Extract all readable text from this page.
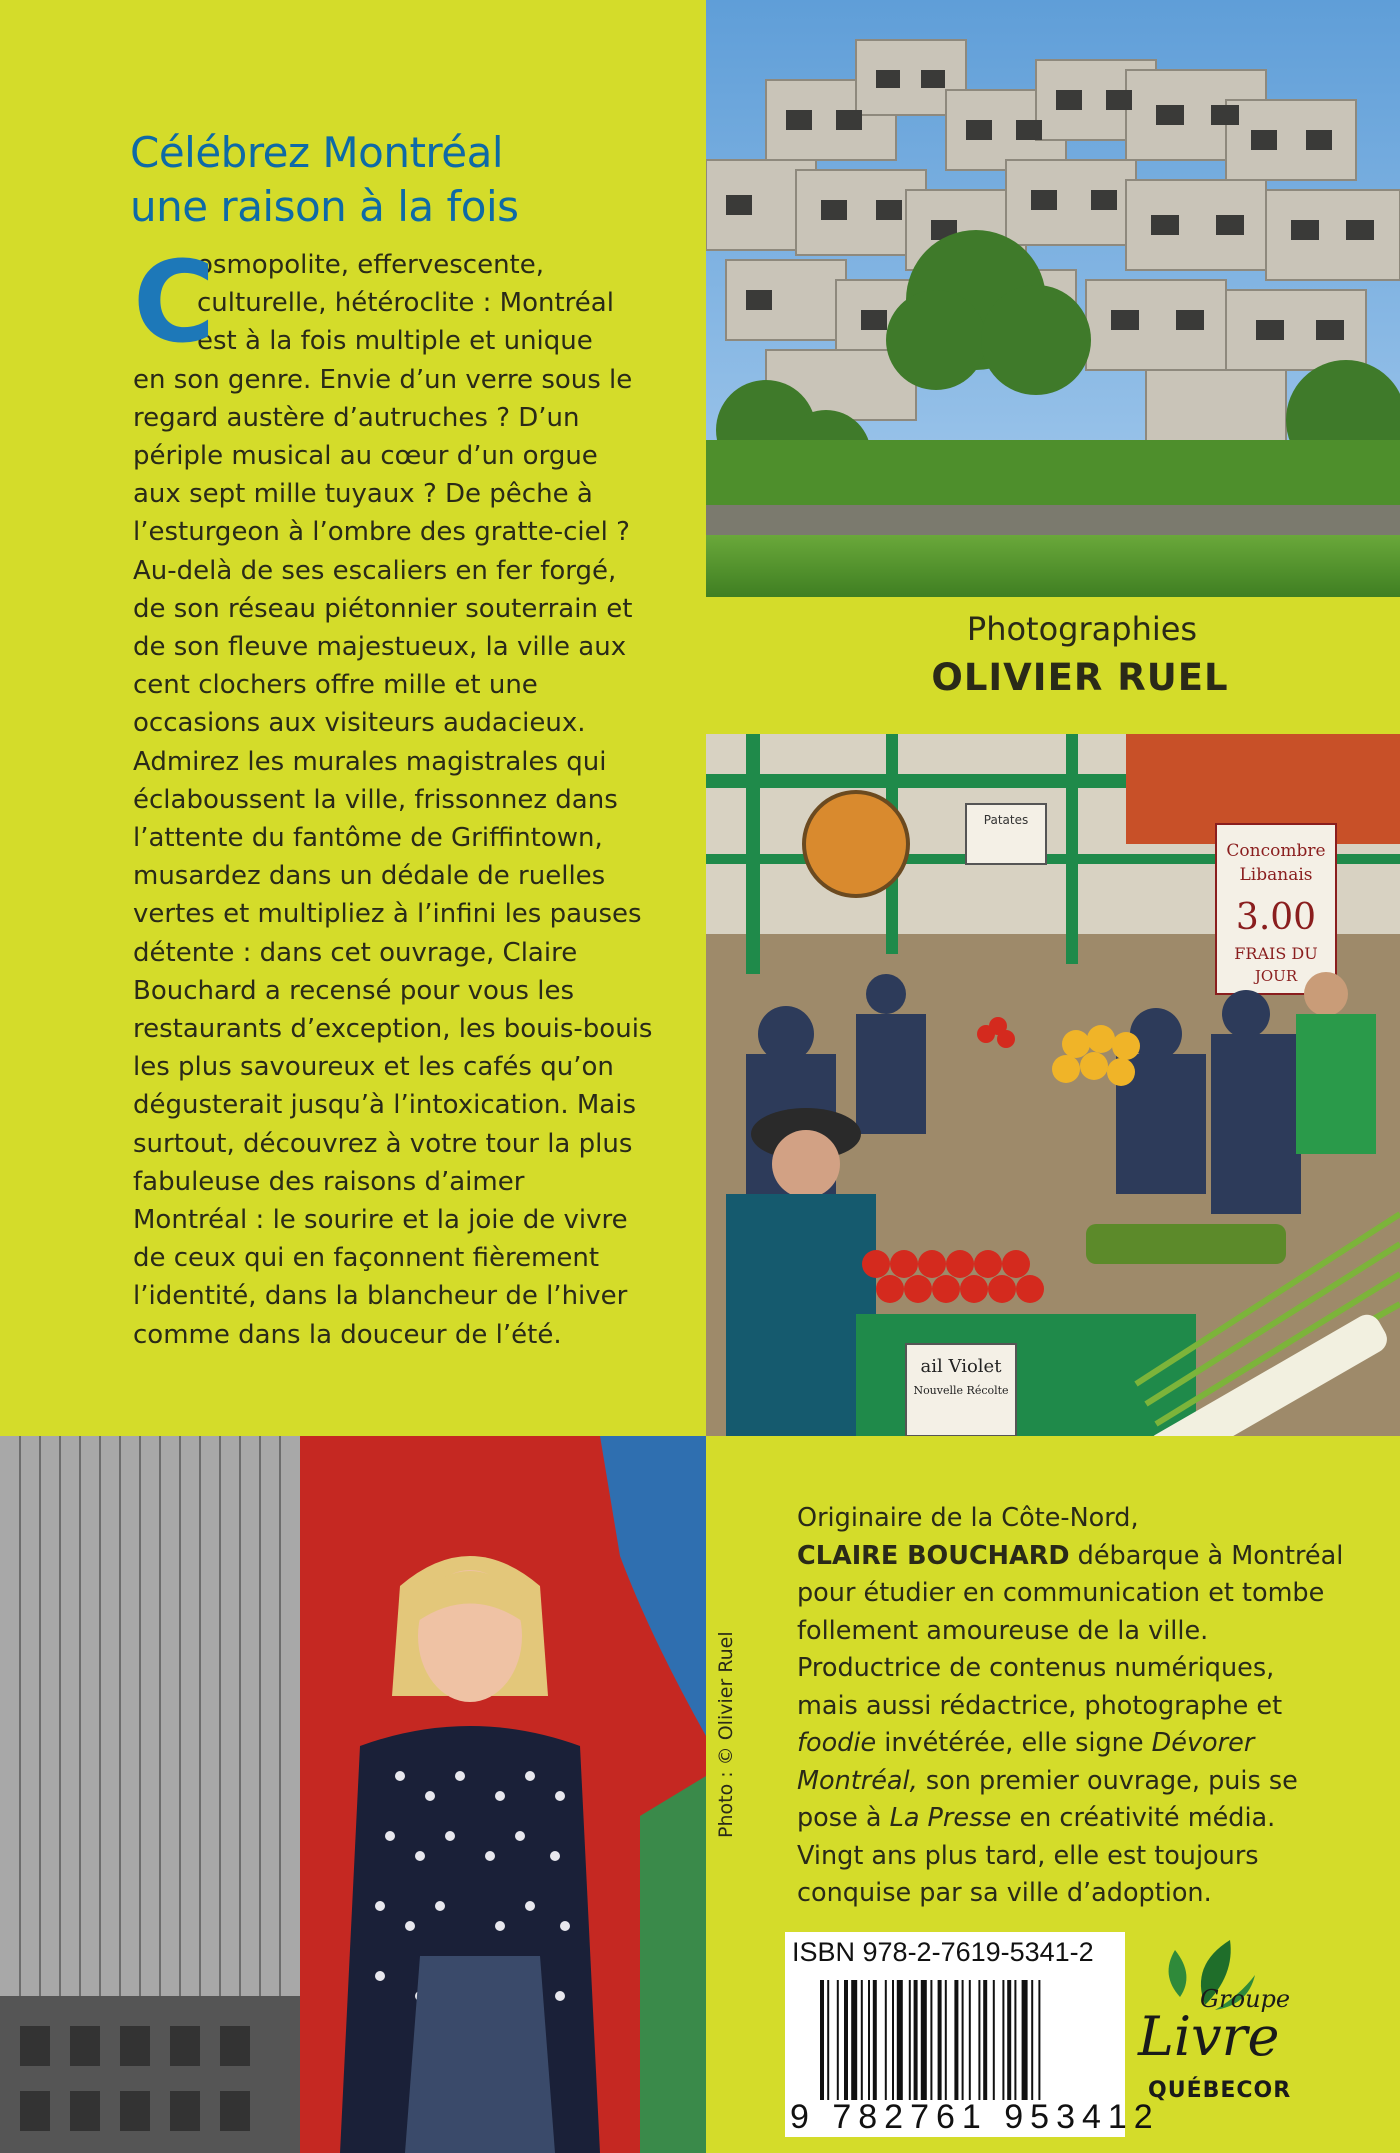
Célébrez Montréal
une raison à la fois
C
osmopolite, effervescente,
culturelle, hétéroclite : Montréal
est à la fois multiple et unique
en son genre. Envie d’un verre sous le
regard austère d’autruches ? D’un
périple musical au cœur d’un orgue
aux sept mille tuyaux ? De pêche à
l’esturgeon à l’ombre des gratte-ciel ?
Au-delà de ses escaliers en fer forgé,
de son réseau piétonnier souterrain et
de son fleuve majestueux, la ville aux
cent clochers offre mille et une
occasions aux visiteurs audacieux.
Admirez les murales magistrales qui
éclaboussent la ville, frissonnez dans
l’attente du fantôme de Griffintown,
musardez dans un dédale de ruelles
vertes et multipliez à l’infini les pauses
détente : dans cet ouvrage, Claire
Bouchard a recensé pour vous les
restaurants d’exception, les bouis-bouis
les plus savoureux et les cafés qu’on
dégusterait jusqu’à l’intoxication. Mais
surtout, découvrez à votre tour la plus
fabuleuse des raisons d’aimer
Montréal : le sourire et la joie de vivre
de ceux qui en façonnent fièrement
l’identité, dans la blancheur de l’hiver
comme dans la douceur de l’été.
Photographies
OLIVIER RUEL
Concombre
Libanais
3.00
FRAIS DU
JOUR
Patates
ail Violet
Nouvelle Récolte
Photo : © Olivier Ruel
Originaire de la Côte-Nord,
CLAIRE BOUCHARD débarque à Montréal
pour étudier en communication et tombe
follement amoureuse de la ville.
Productrice de contenus numériques,
mais aussi rédactrice, photographe et
foodie invétérée, elle signe Dévorer
Montréal, son premier ouvrage, puis se
pose à La Presse en créativité média.
Vingt ans plus tard, elle est toujours
conquise par sa ville d’adoption.
ISBN 978-2-7619-5341-2
9 782761 953412
Groupe
Livre
QUÉBECOR
